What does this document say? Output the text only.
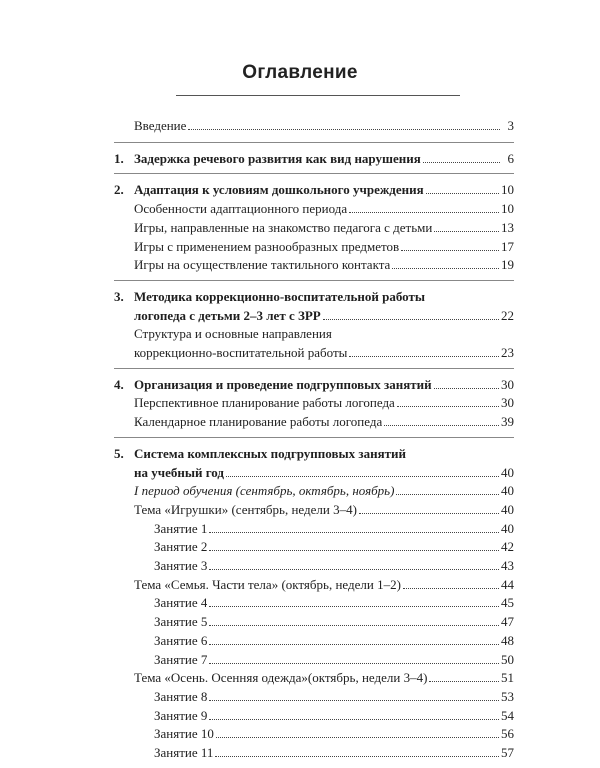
Оглавление
Введение	3
1. Задержка речевого развития как вид нарушения	6
2. Адаптация к условиям дошкольного учреждения	10
Особенности адаптационного периода	10
Игры, направленные на знакомство педагога с детьми	13
Игры с применением разнообразных предметов	17
Игры на осуществление тактильного контакта	19
3. Методика коррекционно-воспитательной работы
логопеда с детьми 2–3 лет с ЗРР	22
Структура и основные направления
коррекционно-воспитательной работы	23
4. Организация и проведение подгрупповых занятий	30
Перспективное планирование работы логопеда	30
Календарное планирование работы логопеда	39
5. Система комплексных подгрупповых занятий
на учебный год	40
I период обучения (сентябрь, октябрь, ноябрь)	40
Тема «Игрушки» (сентябрь, недели 3–4)	40
Занятие 1	40
Занятие 2	42
Занятие 3	43
Тема «Семья. Части тела» (октябрь, недели 1–2)	44
Занятие 4	45
Занятие 5	47
Занятие 6	48
Занятие 7	50
Тема «Осень. Осенняя одежда»(октябрь, недели 3–4)	51
Занятие 8	53
Занятие 9	54
Занятие 10	56
Занятие 11	57
